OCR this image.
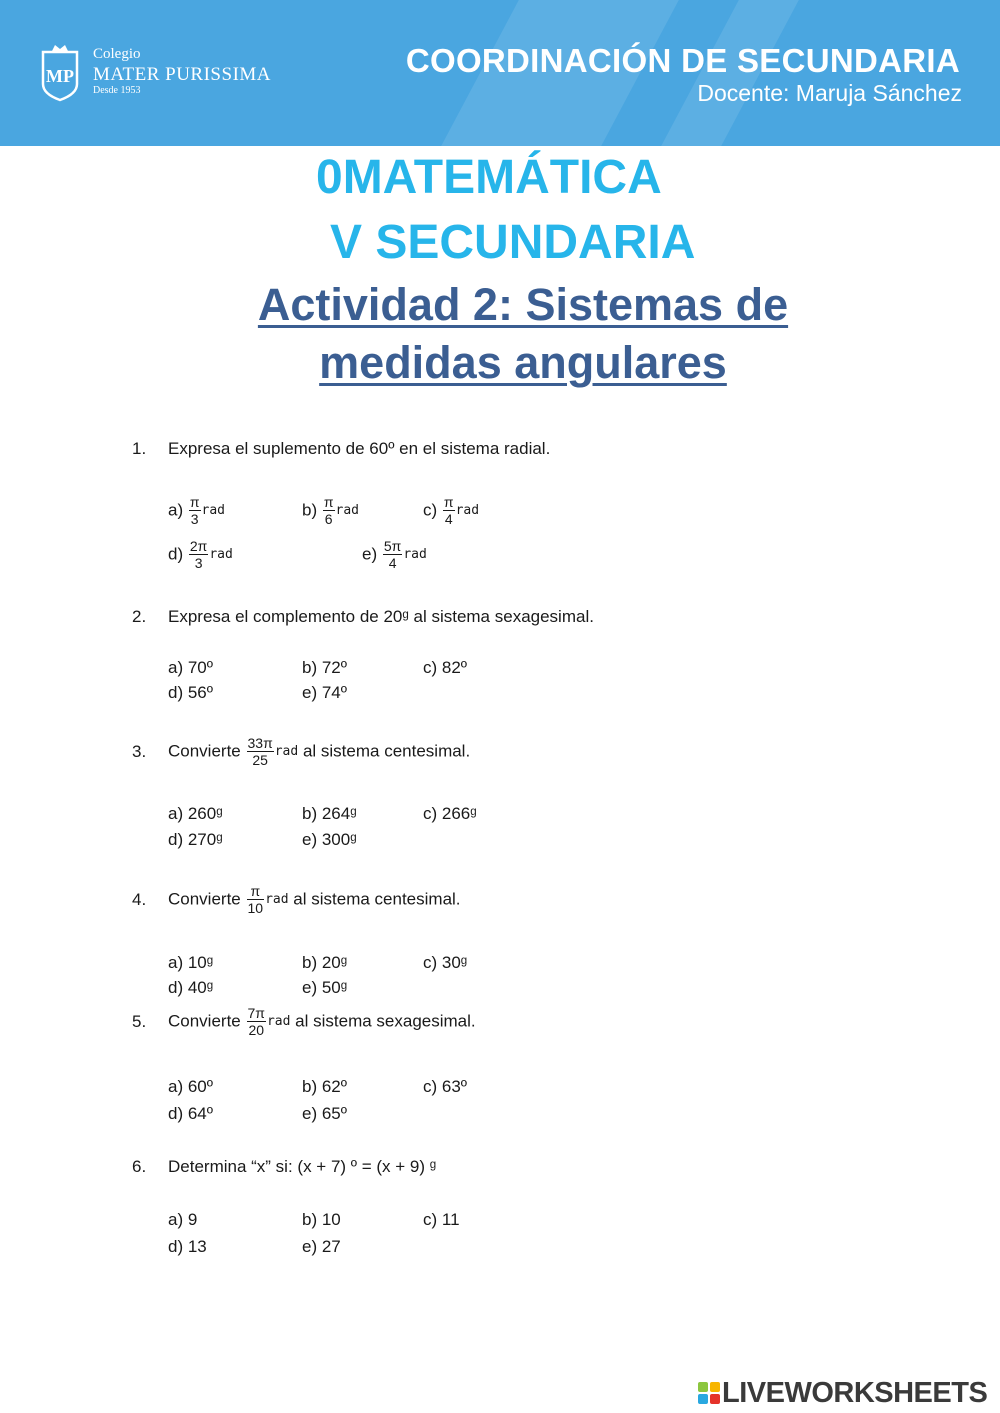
MP
Colegio
MATER PURISSIMA
Desde 1953
COORDINACIÓN DE SECUNDARIA
Docente: Maruja Sánchez
0MATEMÁTICA
V SECUNDARIA
Actividad 2: Sistemas de
medidas angulares
1. Expresa el suplemento de 60º en el sistema radial.
$a) \frac{\pi}{3}$ rad	$b) \frac{\pi}{6}$ rad	$c) \frac{\pi}{4}$ rad
$d) \frac{2\pi}{3}$ rad	$e) \frac{5\pi}{4}$ rad
2. Expresa el complemento de 20ᵍ al sistema sexagesimal.
a) 70º	b) 72º	c) 82º
d) 56º	e) 74º
3. Convierte $\frac{33\pi}{25}$ rad al sistema centesimal.
a) 260ᵍ	b) 264ᵍ	c) 266ᵍ
d) 270ᵍ	e) 300ᵍ
4. Convierte $\frac{\pi}{10}$ rad al sistema centesimal.
a) 10ᵍ	b) 20ᵍ	c) 30ᵍ
d) 40ᵍ	e) 50ᵍ
5. Convierte $\frac{7\pi}{20}$ rad al sistema sexagesimal.
a) 60º	b) 62º	c) 63º
d) 64º	e) 65º
6. Determina “x” si: (x + 7) º = (x + 9) ᵍ
a) 9	b) 10	c) 11
d) 13	e) 27
LIVEWORKSHEETS
